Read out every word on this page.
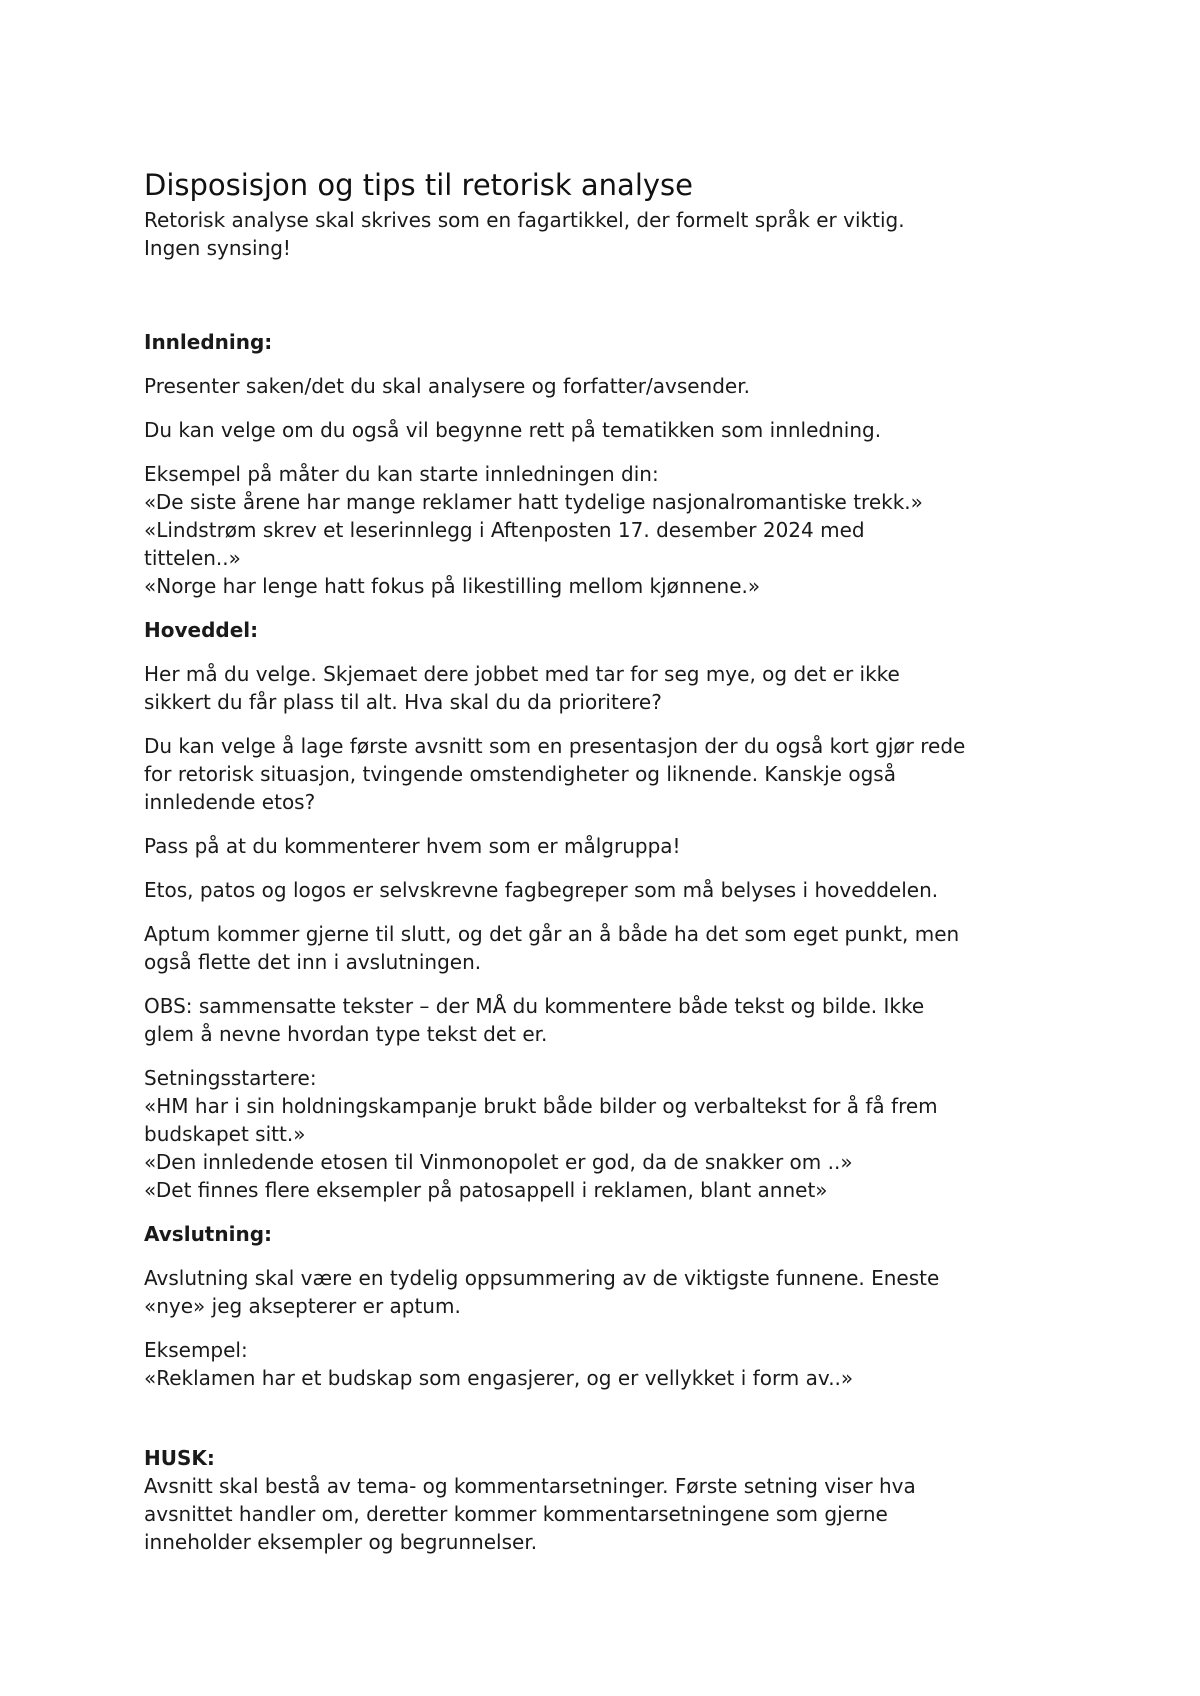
Disposisjon og tips til retorisk analyse
Retorisk analyse skal skrives som en fagartikkel, der formelt språk er viktig.
Ingen synsing!
Innledning:

Presenter saken/det du skal analysere og forfatter/avsender.

Du kan velge om du også vil begynne rett på tematikken som innledning.

Eksempel på måter du kan starte innledningen din:
«De siste årene har mange reklamer hatt tydelige nasjonalromantiske trekk.»
«Lindstrøm skrev et leserinnlegg i Aftenposten 17. desember 2024 med
tittelen..»
«Norge har lenge hatt fokus på likestilling mellom kjønnene.»

Hoveddel:

Her må du velge. Skjemaet dere jobbet med tar for seg mye, og det er ikke
sikkert du får plass til alt. Hva skal du da prioritere?

Du kan velge å lage første avsnitt som en presentasjon der du også kort gjør rede
for retorisk situasjon, tvingende omstendigheter og liknende. Kanskje også
innledende etos?

Pass på at du kommenterer hvem som er målgruppa!

Etos, patos og logos er selvskrevne fagbegreper som må belyses i hoveddelen.

Aptum kommer gjerne til slutt, og det går an å både ha det som eget punkt, men
også flette det inn i avslutningen.

OBS: sammensatte tekster – der MÅ du kommentere både tekst og bilde. Ikke
glem å nevne hvordan type tekst det er.

Setningsstartere:
«HM har i sin holdningskampanje brukt både bilder og verbaltekst for å få frem
budskapet sitt.»
«Den innledende etosen til Vinmonopolet er god, da de snakker om ..»
«Det finnes flere eksempler på patosappell i reklamen, blant annet»

Avslutning:

Avslutning skal være en tydelig oppsummering av de viktigste funnene. Eneste
«nye» jeg aksepterer er aptum.

Eksempel:
«Reklamen har et budskap som engasjerer, og er vellykket i form av..»

HUSK:

Avsnitt skal bestå av tema- og kommentarsetninger. Første setning viser hva
avsnittet handler om, deretter kommer kommentarsetningene som gjerne
inneholder eksempler og begrunnelser.
